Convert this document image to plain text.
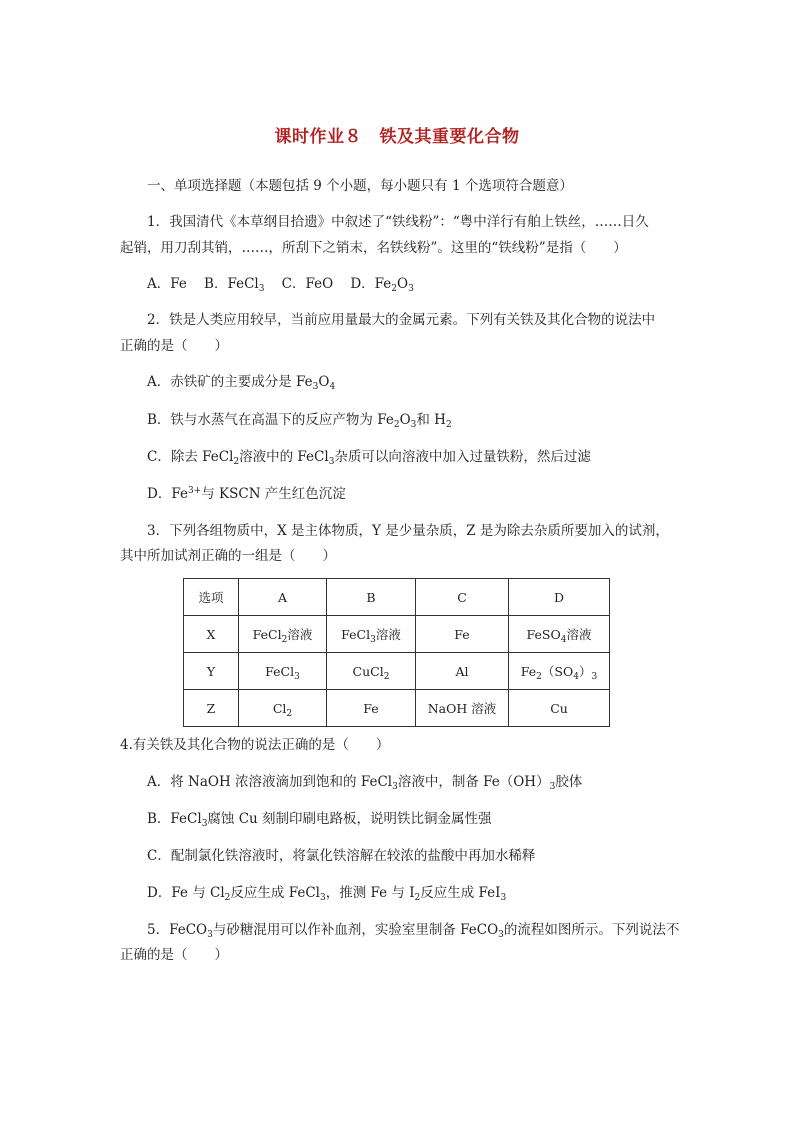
课时作业８　铁及其重要化合物
一、单项选择题（本题包括 9 个小题，每小题只有 1 个选项符合题意）
1．我国清代《本草纲目拾遗》中叙述了“铁线粉”：“粤中洋行有舶上铁丝，……日久
起销，用刀刮其销，……，所刮下之销末，名铁线粉”。这里的“铁线粉”是指（　　）
A．Fe B．FeCl$_3$ C．FeO D．$Fe_2O_3$
2．铁是人类应用较早，当前应用量最大的金属元素。下列有关铁及其化合物的说法中
正确的是（　　）
A．赤铁矿的主要成分是 $Fe_3O_4$
B．铁与水蒸气在高温下的反应产物为 $Fe_2O_3$和 $H_2$
C．除去 FeCl$_2$溶液中的 FeCl$_3$杂质可以向溶液中加入过量铁粉，然后过滤
D．$Fe^{3+}$与 KSCN 产生红色沉淀
3．下列各组物质中，X 是主体物质，Y 是少量杂质，Z 是为除去杂质所要加入的试剂，
其中所加试剂正确的一组是（　　）
选项	A	B	C	D
X	FeCl$_2$溶液	FeCl$_3$溶液	Fe	FeSO$_4$溶液
Y	FeCl$_3$	CuCl$_2$	Al	$Fe_2(SO_4)_3$
Z	$Cl_2$	Fe	NaOH 溶液	Cu
4.有关铁及其化合物的说法正确的是（　　）
A．将 NaOH 浓溶液滴加到饱和的 FeCl$_3$溶液中，制备 $Fe(OH)_3$胶体
B．FeCl$_3$腐蚀 Cu 刻制印刷电路板，说明铁比铜金属性强
C．配制氯化铁溶液时，将氯化铁溶解在较浓的盐酸中再加水稀释
D．Fe 与 $Cl_2$反应生成 FeCl$_3$，推测 Fe 与 $I_2$反应生成 FeI$_3$
5．FeCO$_3$与砂糖混用可以作补血剂，实验室里制备 FeCO$_3$的流程如图所示。下列说法不
正确的是（　　）
